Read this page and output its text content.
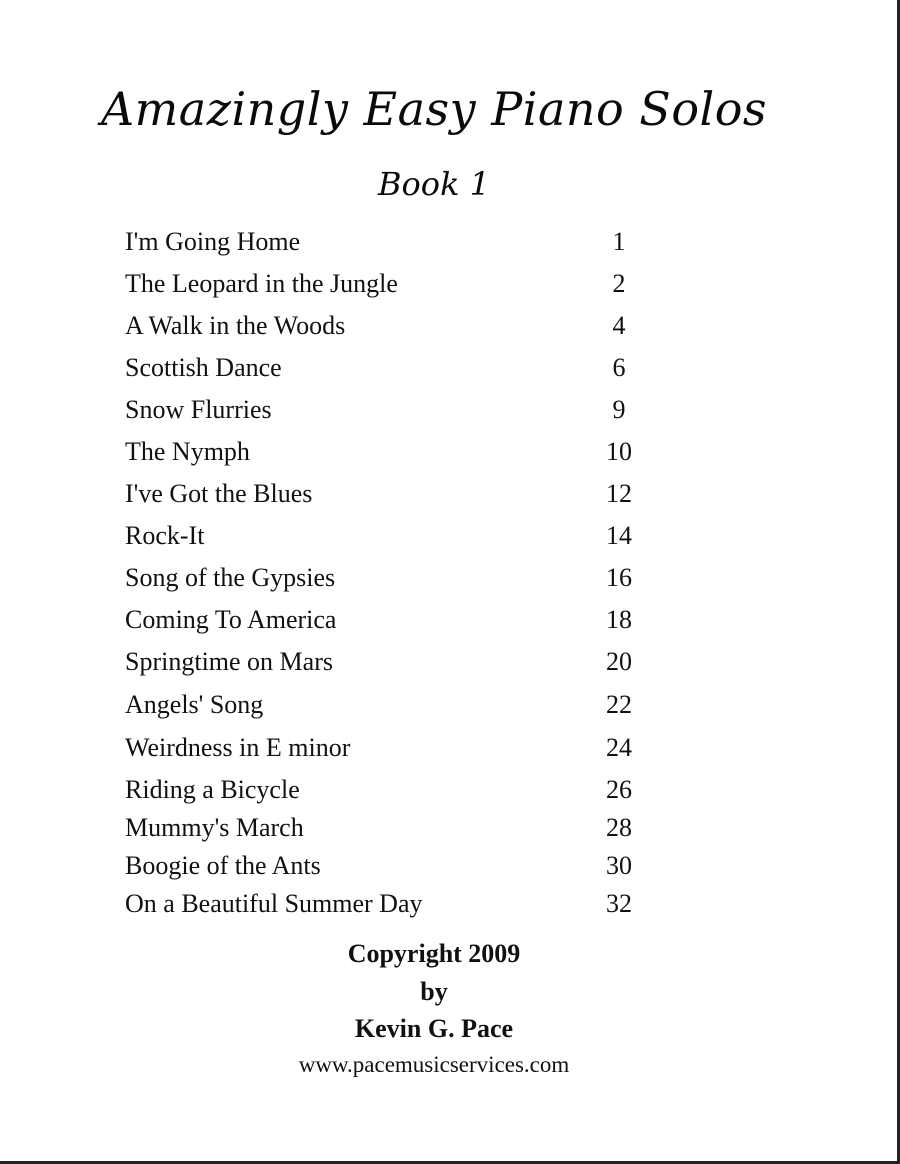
Amazingly Easy Piano Solos
Book 1
I'm Going Home	1
The Leopard in the Jungle	2
A Walk in the Woods	4
Scottish Dance	6
Snow Flurries	9
The Nymph	10
I've Got the Blues	12
Rock-It	14
Song of the Gypsies	16
Coming To America	18
Springtime on Mars	20
Angels' Song	22
Weirdness in E minor	24
Riding a Bicycle	26
Mummy's March	28
Boogie of the Ants	30
On a Beautiful Summer Day	32
Copyright 2009
by
Kevin G. Pace
www.pacemusicservices.com
